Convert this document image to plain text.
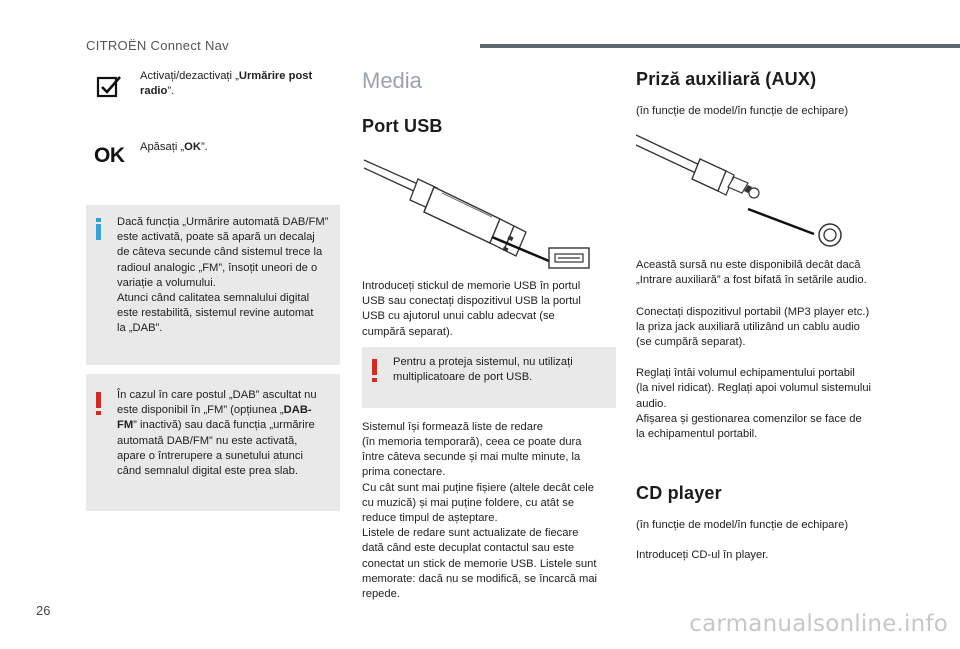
CITROËN Connect Nav

Activați/dezactivați „Urmărire post radio”.

OK Apăsați „OK”.

Dacă funcția „Urmărire automată DAB/FM”

este activată, poate să apară un decalaj

de câteva secunde când sistemul trece la

radioul analogic „FM”, însoțit uneori de o

variație a volumului.

Atunci când calitatea semnalului digital

este restabilită, sistemul revine automat

la „DAB”.

În cazul în care postul „DAB” ascultat nu

este disponibil în „FM” (opțiunea „DAB-

FM” inactivă) sau dacă funcția „urmărire

automată DAB/FM” nu este activată,

apare o întrerupere a sunetului atunci

când semnalul digital este prea slab.

Media
Port USB

Introduceți stickul de memorie USB în portul

USB sau conectați dispozitivul USB la portul

USB cu ajutorul unui cablu adecvat (se

cumpără separat).

Pentru a proteja sistemul, nu utilizați

multiplicatoare de port USB.

Sistemul își formează liste de redare

(în memoria temporară), ceea ce poate dura

între câteva secunde și mai multe minute, la

prima conectare.

Cu cât sunt mai puține fișiere (altele decât cele

cu muzică) și mai puține foldere, cu atât se

reduce timpul de așteptare.

Listele de redare sunt actualizate de fiecare

dată când este decuplat contactul sau este

conectat un stick de memorie USB. Listele sunt

memorate: dacă nu se modifică, se încarcă mai

repede.

Priză auxiliară (AUX)

(în funcție de model/în funcție de echipare)

Această sursă nu este disponibilă decât dacă

„Intrare auxiliară” a fost bifată în setările audio.

Conectați dispozitivul portabil (MP3 player etc.)

la priza jack auxiliară utilizând un cablu audio

(se cumpără separat).

Reglați întâi volumul echipamentului portabil

(la nivel ridicat). Reglați apoi volumul sistemului

audio.

Afișarea și gestionarea comenzilor se face de

la echipamentul portabil.

CD player

(în funcție de model/în funcție de echipare)

Introduceți CD-ul în player.

26
carmanualsonline.info
